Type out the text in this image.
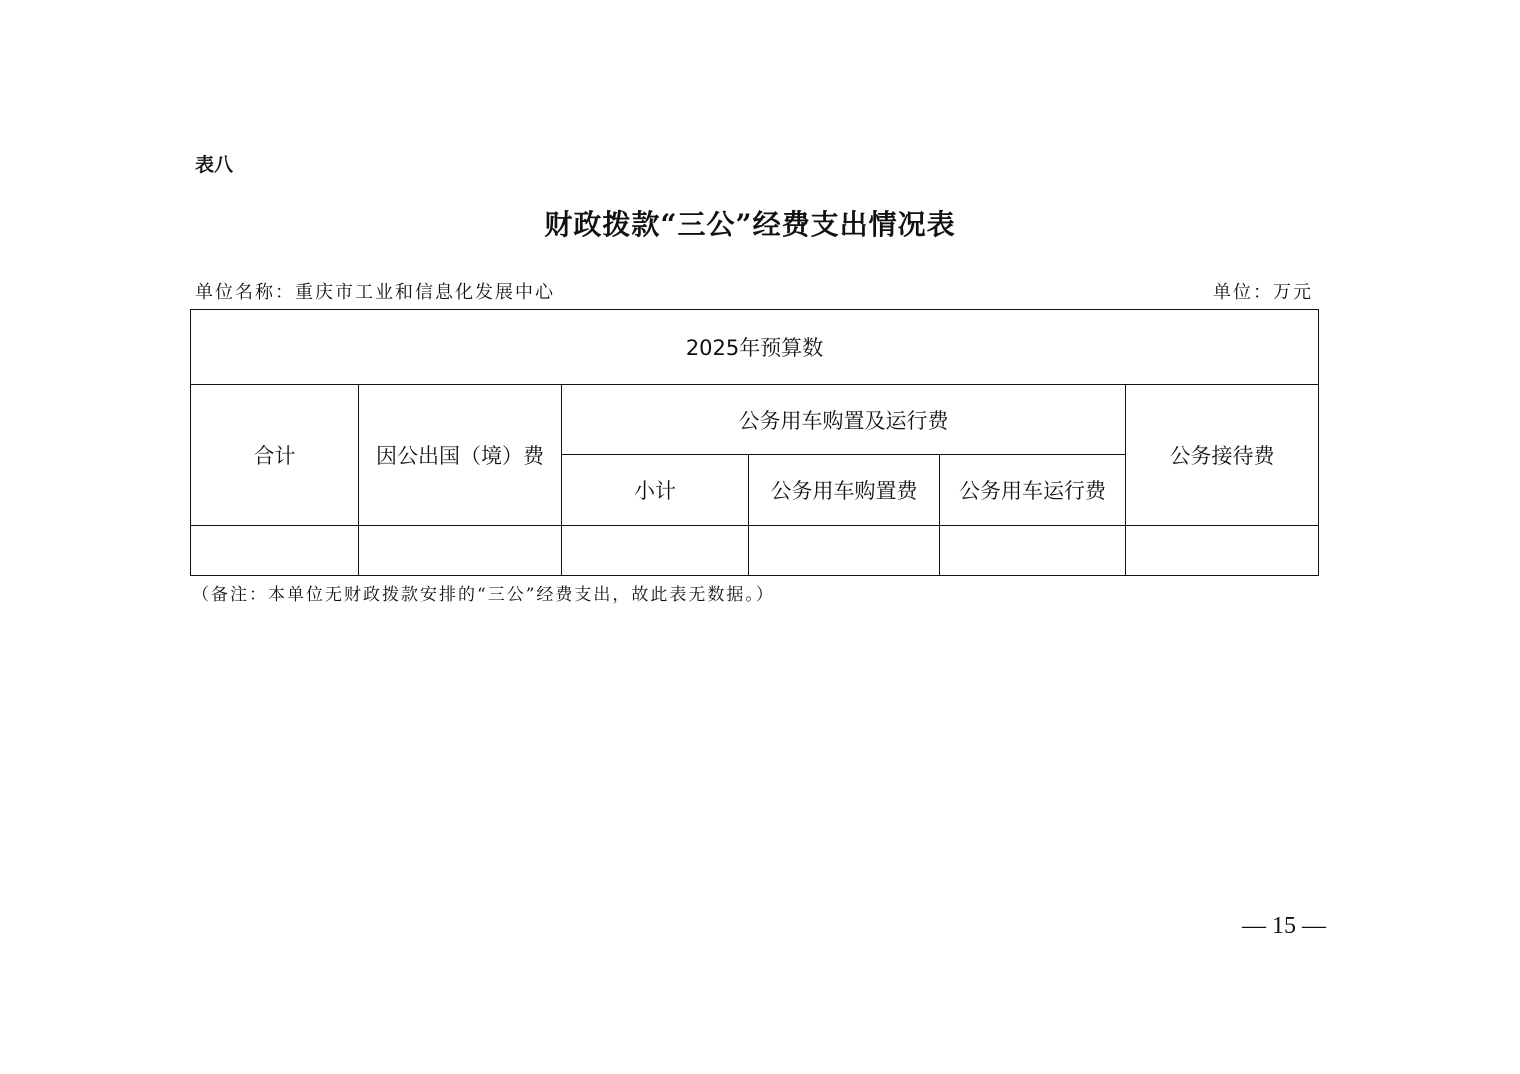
表八
财政拨款“三公”经费支出情况表
单位名称：重庆市工业和信息化发展中心	单位：万元
2025年预算数					
合计	因公出国（境）费	公务用车购置及运行费			公务接待费
		小计	公务用车购置费	公务用车运行费	

（备注：本单位无财政拨款安排的“三公”经费支出，故此表无数据。）
— 15 —
